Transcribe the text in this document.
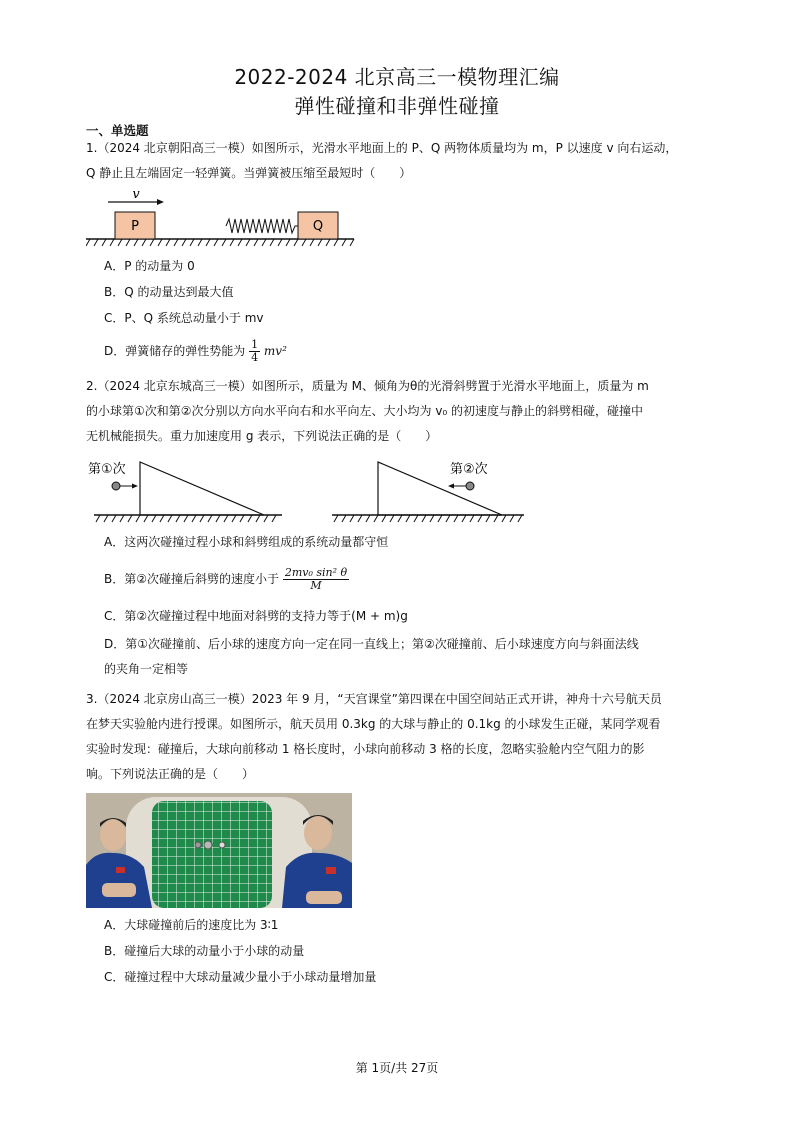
2022-2024 北京高三一模物理汇编
弹性碰撞和非弹性碰撞
一、单选题
1.（2024 北京朝阳高三一模）如图所示，光滑水平地面上的 P、Q 两物体质量均为 m，P 以速度 v 向右运动，
Q 静止且左端固定一轻弹簧。当弹簧被压缩至最短时（　　）
P
v
Q
A．P 的动量为 0
B．Q 的动量达到最大值
C．P、Q 系统总动量小于 mv
D．弹簧储存的弹性势能为 $\frac{1}{4} mv^2$
2.（2024 北京东城高三一模）如图所示，质量为 M、倾角为θ的光滑斜劈置于光滑水平地面上，质量为 m
的小球第①次和第②次分别以方向水平向右和水平向左、大小均为 v₀ 的初速度与静止的斜劈相碰，碰撞中
无机械能损失。重力加速度用 g 表示，下列说法正确的是（　　）
第①次	第②次
A．这两次碰撞过程小球和斜劈组成的系统动量都守恒
B．第②次碰撞后斜劈的速度小于 $\frac{\text{2mv₀ sin² θ}}{M}$
C．第②次碰撞过程中地面对斜劈的支持力等于(M + m)g
D．第①次碰撞前、后小球的速度方向一定在同一直线上；第②次碰撞前、后小球速度方向与斜面法线
的夹角一定相等
3.（2024 北京房山高三一模）2023 年 9 月，“天宫课堂”第四课在中国空间站正式开讲，神舟十六号航天员
在梦天实验舱内进行授课。如图所示，航天员用 0.3kg 的大球与静止的 0.1kg 的小球发生正碰，某同学观看
实验时发现：碰撞后，大球向前移动 1 格长度时，小球向前移动 3 格的长度，忽略实验舱内空气阻力的影
响。下列说法正确的是（　　）
A．大球碰撞前后的速度比为 3∶1
B．碰撞后大球的动量小于小球的动量
C．碰撞过程中大球动量减少量小于小球动量增加量
第 1页/共 27页
